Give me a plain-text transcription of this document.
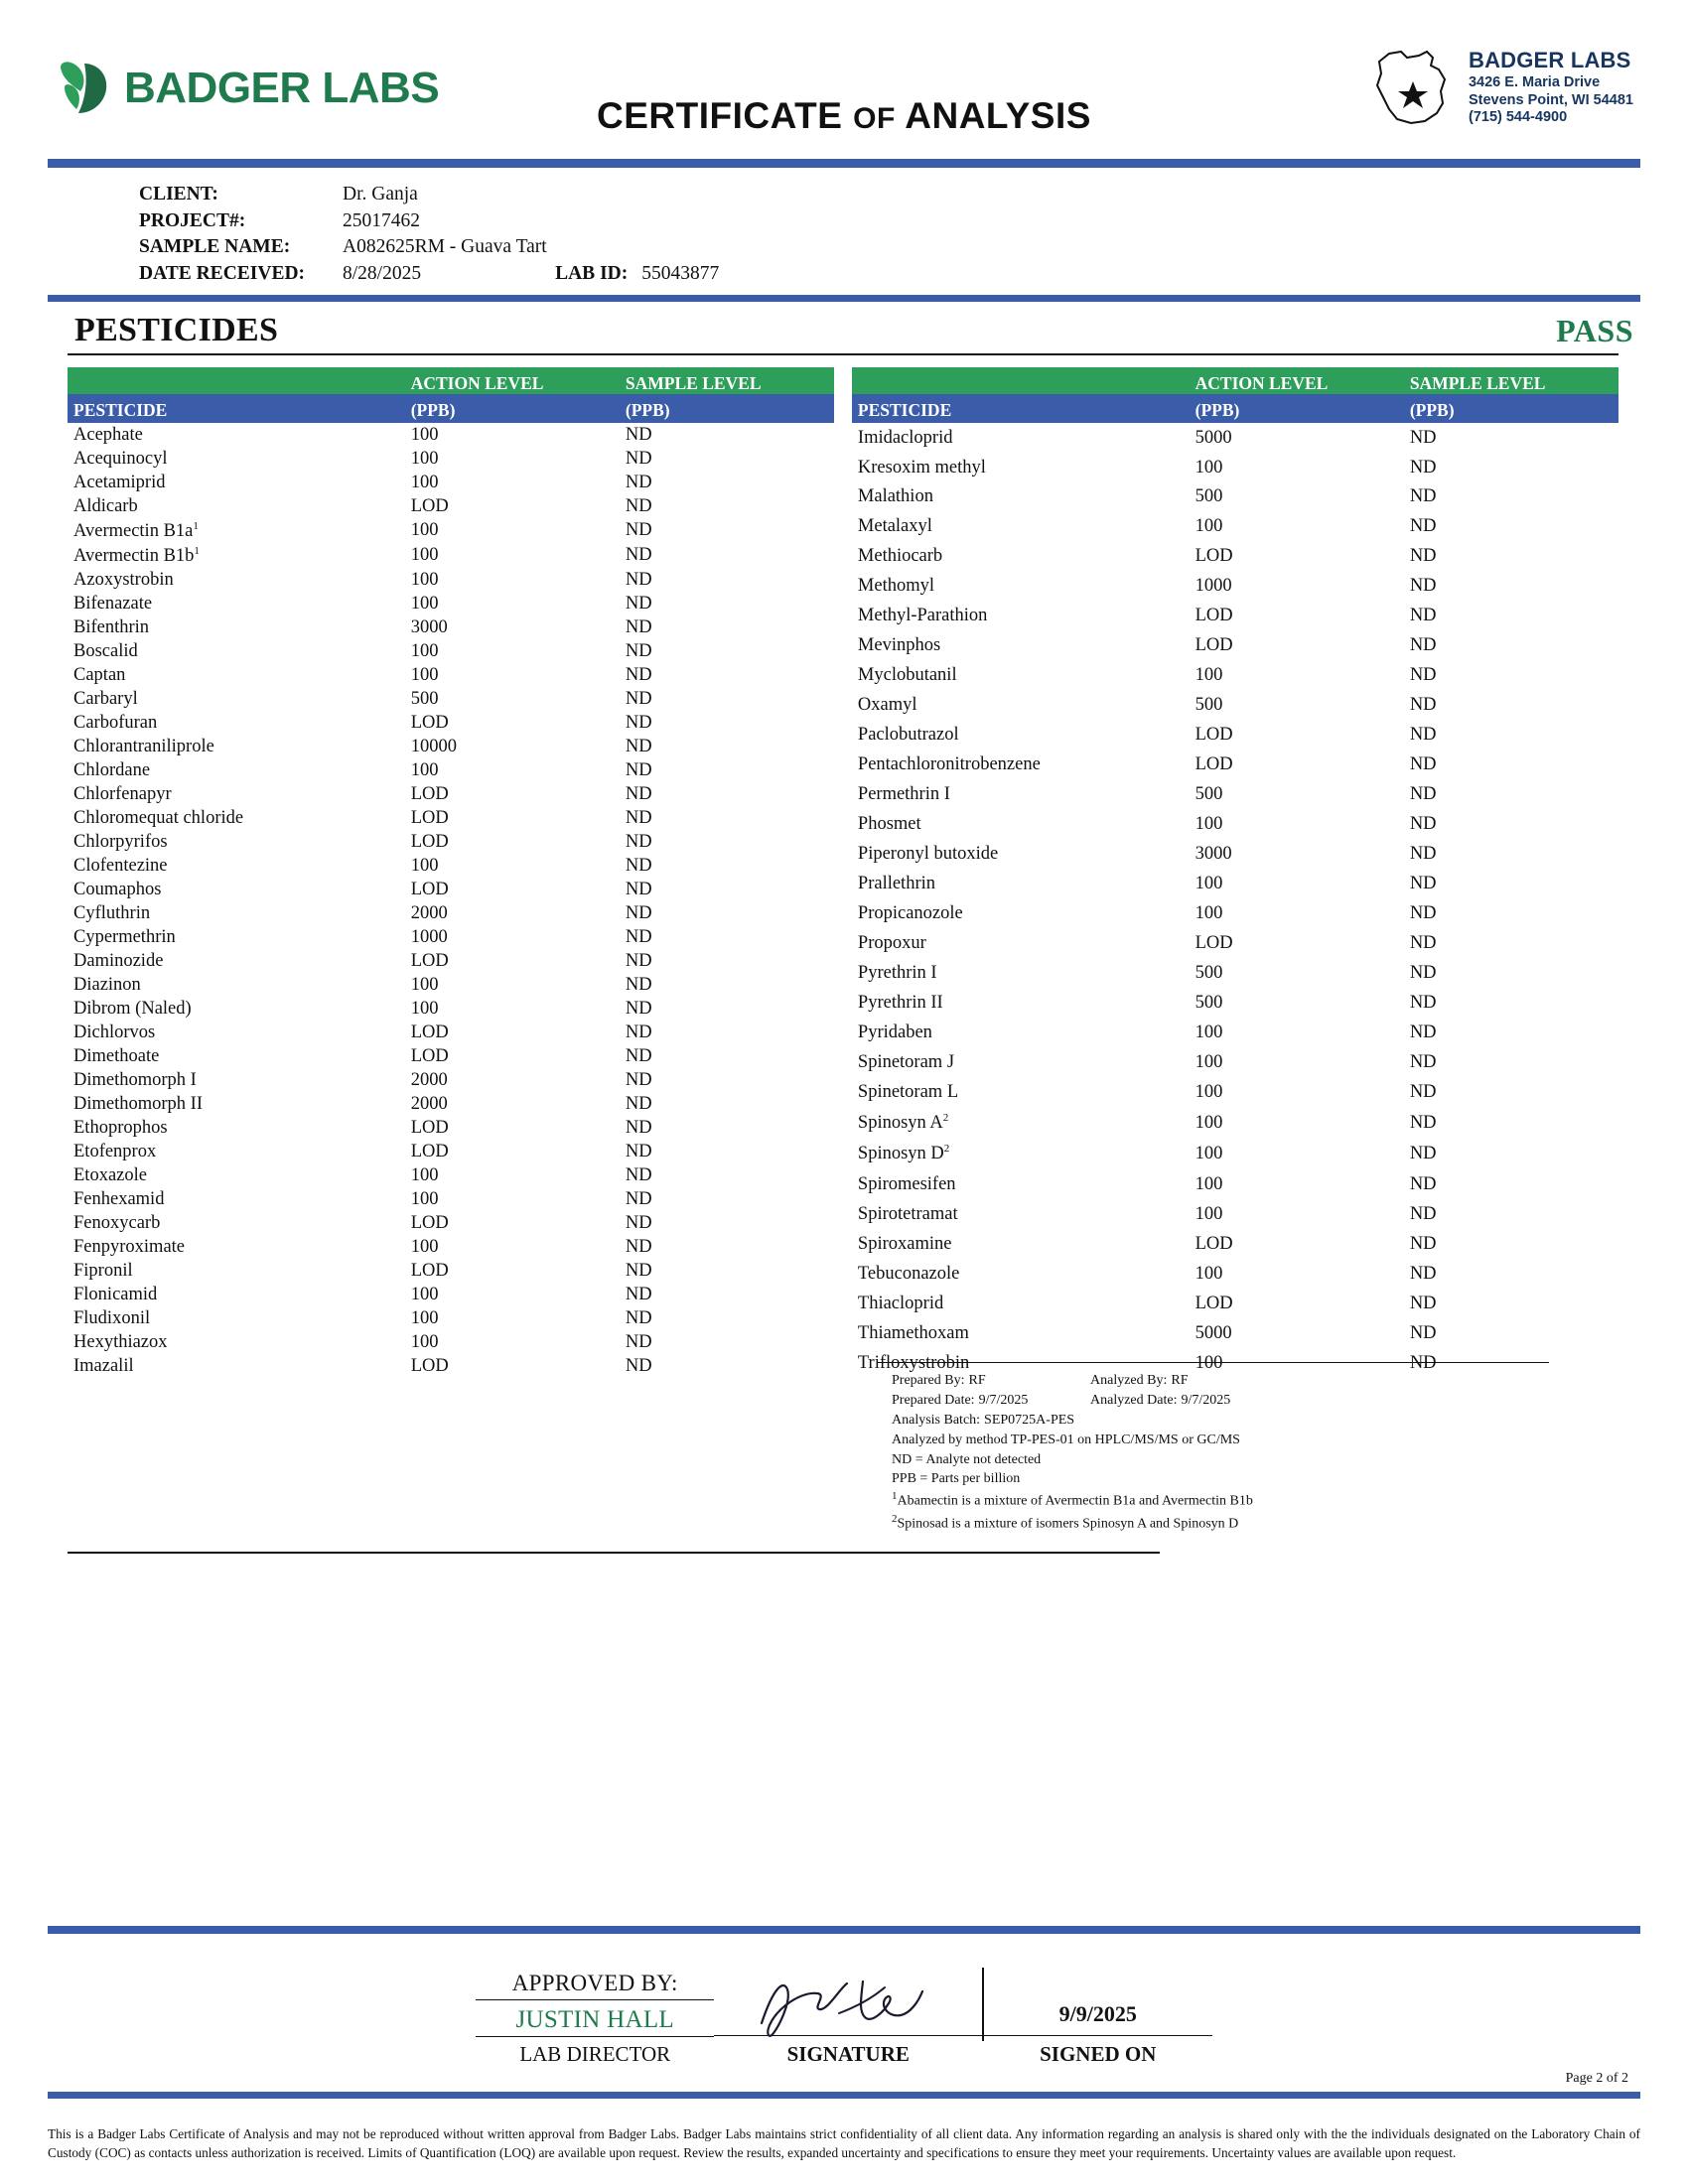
BADGER LABS
CERTIFICATE OF ANALYSIS
BADGER LABS
3426 E. Maria Drive
Stevens Point, WI 54481
(715) 544-4900
CLIENT:	Dr. Ganja
PROJECT#:	25017462
SAMPLE NAME:	A082625RM - Guava Tart
DATE RECEIVED:	8/28/2025	LAB ID: 55043877
PESTICIDES	PASS
	ACTION LEVEL	SAMPLE LEVEL
PESTICIDE	(PPB)	(PPB)
Acephate	100	ND
Acequinocyl	100	ND
Acetamiprid	100	ND
Aldicarb	LOD	ND
Avermectin $B1a^1$	100	ND
Avermectin $B1b^1$	100	ND
Azoxystrobin	100	ND
Bifenazate	100	ND
Bifenthrin	3000	ND
Boscalid	100	ND
Captan	100	ND
Carbaryl	500	ND
Carbofuran	LOD	ND
Chlorantraniliprole	10000	ND
Chlordane	100	ND
Chlorfenapyr	LOD	ND
Chloromequat chloride	LOD	ND
Chlorpyrifos	LOD	ND
Clofentezine	100	ND
Coumaphos	LOD	ND
Cyfluthrin	2000	ND
Cypermethrin	1000	ND
Daminozide	LOD	ND
Diazinon	100	ND
Dibrom (Naled)	100	ND
Dichlorvos	LOD	ND
Dimethoate	LOD	ND
Dimethomorph I	2000	ND
Dimethomorph II	2000	ND
Ethoprophos	LOD	ND
Etofenprox	LOD	ND
Etoxazole	100	ND
Fenhexamid	100	ND
Fenoxycarb	LOD	ND
Fenpyroximate	100	ND
Fipronil	LOD	ND
Flonicamid	100	ND
Fludixonil	100	ND
Hexythiazox	100	ND
Imazalil	LOD	ND
	ACTION LEVEL	SAMPLE LEVEL
PESTICIDE	(PPB)	(PPB)
Imidacloprid	5000	ND
Kresoxim methyl	100	ND
Malathion	500	ND
Metalaxyl	100	ND
Methiocarb	LOD	ND
Methomyl	1000	ND
Methyl-Parathion	LOD	ND
Mevinphos	LOD	ND
Myclobutanil	100	ND
Oxamyl	500	ND
Paclobutrazol	LOD	ND
Pentachloronitrobenzene	LOD	ND
Permethrin I	500	ND
Phosmet	100	ND
Piperonyl butoxide	3000	ND
Prallethrin	100	ND
Propicanozole	100	ND
Propoxur	LOD	ND
Pyrethrin I	500	ND
Pyrethrin II	500	ND
Pyridaben	100	ND
Spinetoram J	100	ND
Spinetoram L	100	ND
Spinosyn $A^2$	100	ND
Spinosyn $D^2$	100	ND
Spiromesifen	100	ND
Spirotetramat	100	ND
Spiroxamine	LOD	ND
Tebuconazole	100	ND
Thiacloprid	LOD	ND
Thiamethoxam	5000	ND
Trifloxystrobin	100	ND
Prepared By: RF	Analyzed By: RF
Prepared Date: 9/7/2025	Analyzed Date: 9/7/2025
Analysis Batch: SEP0725A-PES
Analyzed by method TP-PES-01 on HPLC/MS/MS or GC/MS
ND = Analyte not detected
PPB = Parts per billion
$^1$Abamectin is a mixture of Avermectin B1a and Avermectin B1b
$^2$Spinosad is a mixture of isomers Spinosyn A and Spinosyn D
APPROVED BY:
JUSTIN HALL
LAB DIRECTOR	SIGNATURE
9/9/2025
SIGNED ON
Page 2 of 2
This is a Badger Labs Certificate of Analysis and may not be reproduced without written approval from Badger Labs. Badger Labs maintains strict confidentiality of all client data. Any information regarding an analysis is shared only with the the individuals designated on the Laboratory Chain of Custody (COC) as contacts unless authorization is received. Limits of Quantification (LOQ) are available upon request. Review the results, expanded uncertainty and specifications to ensure they meet your requirements. Uncertainty values are available upon request.
